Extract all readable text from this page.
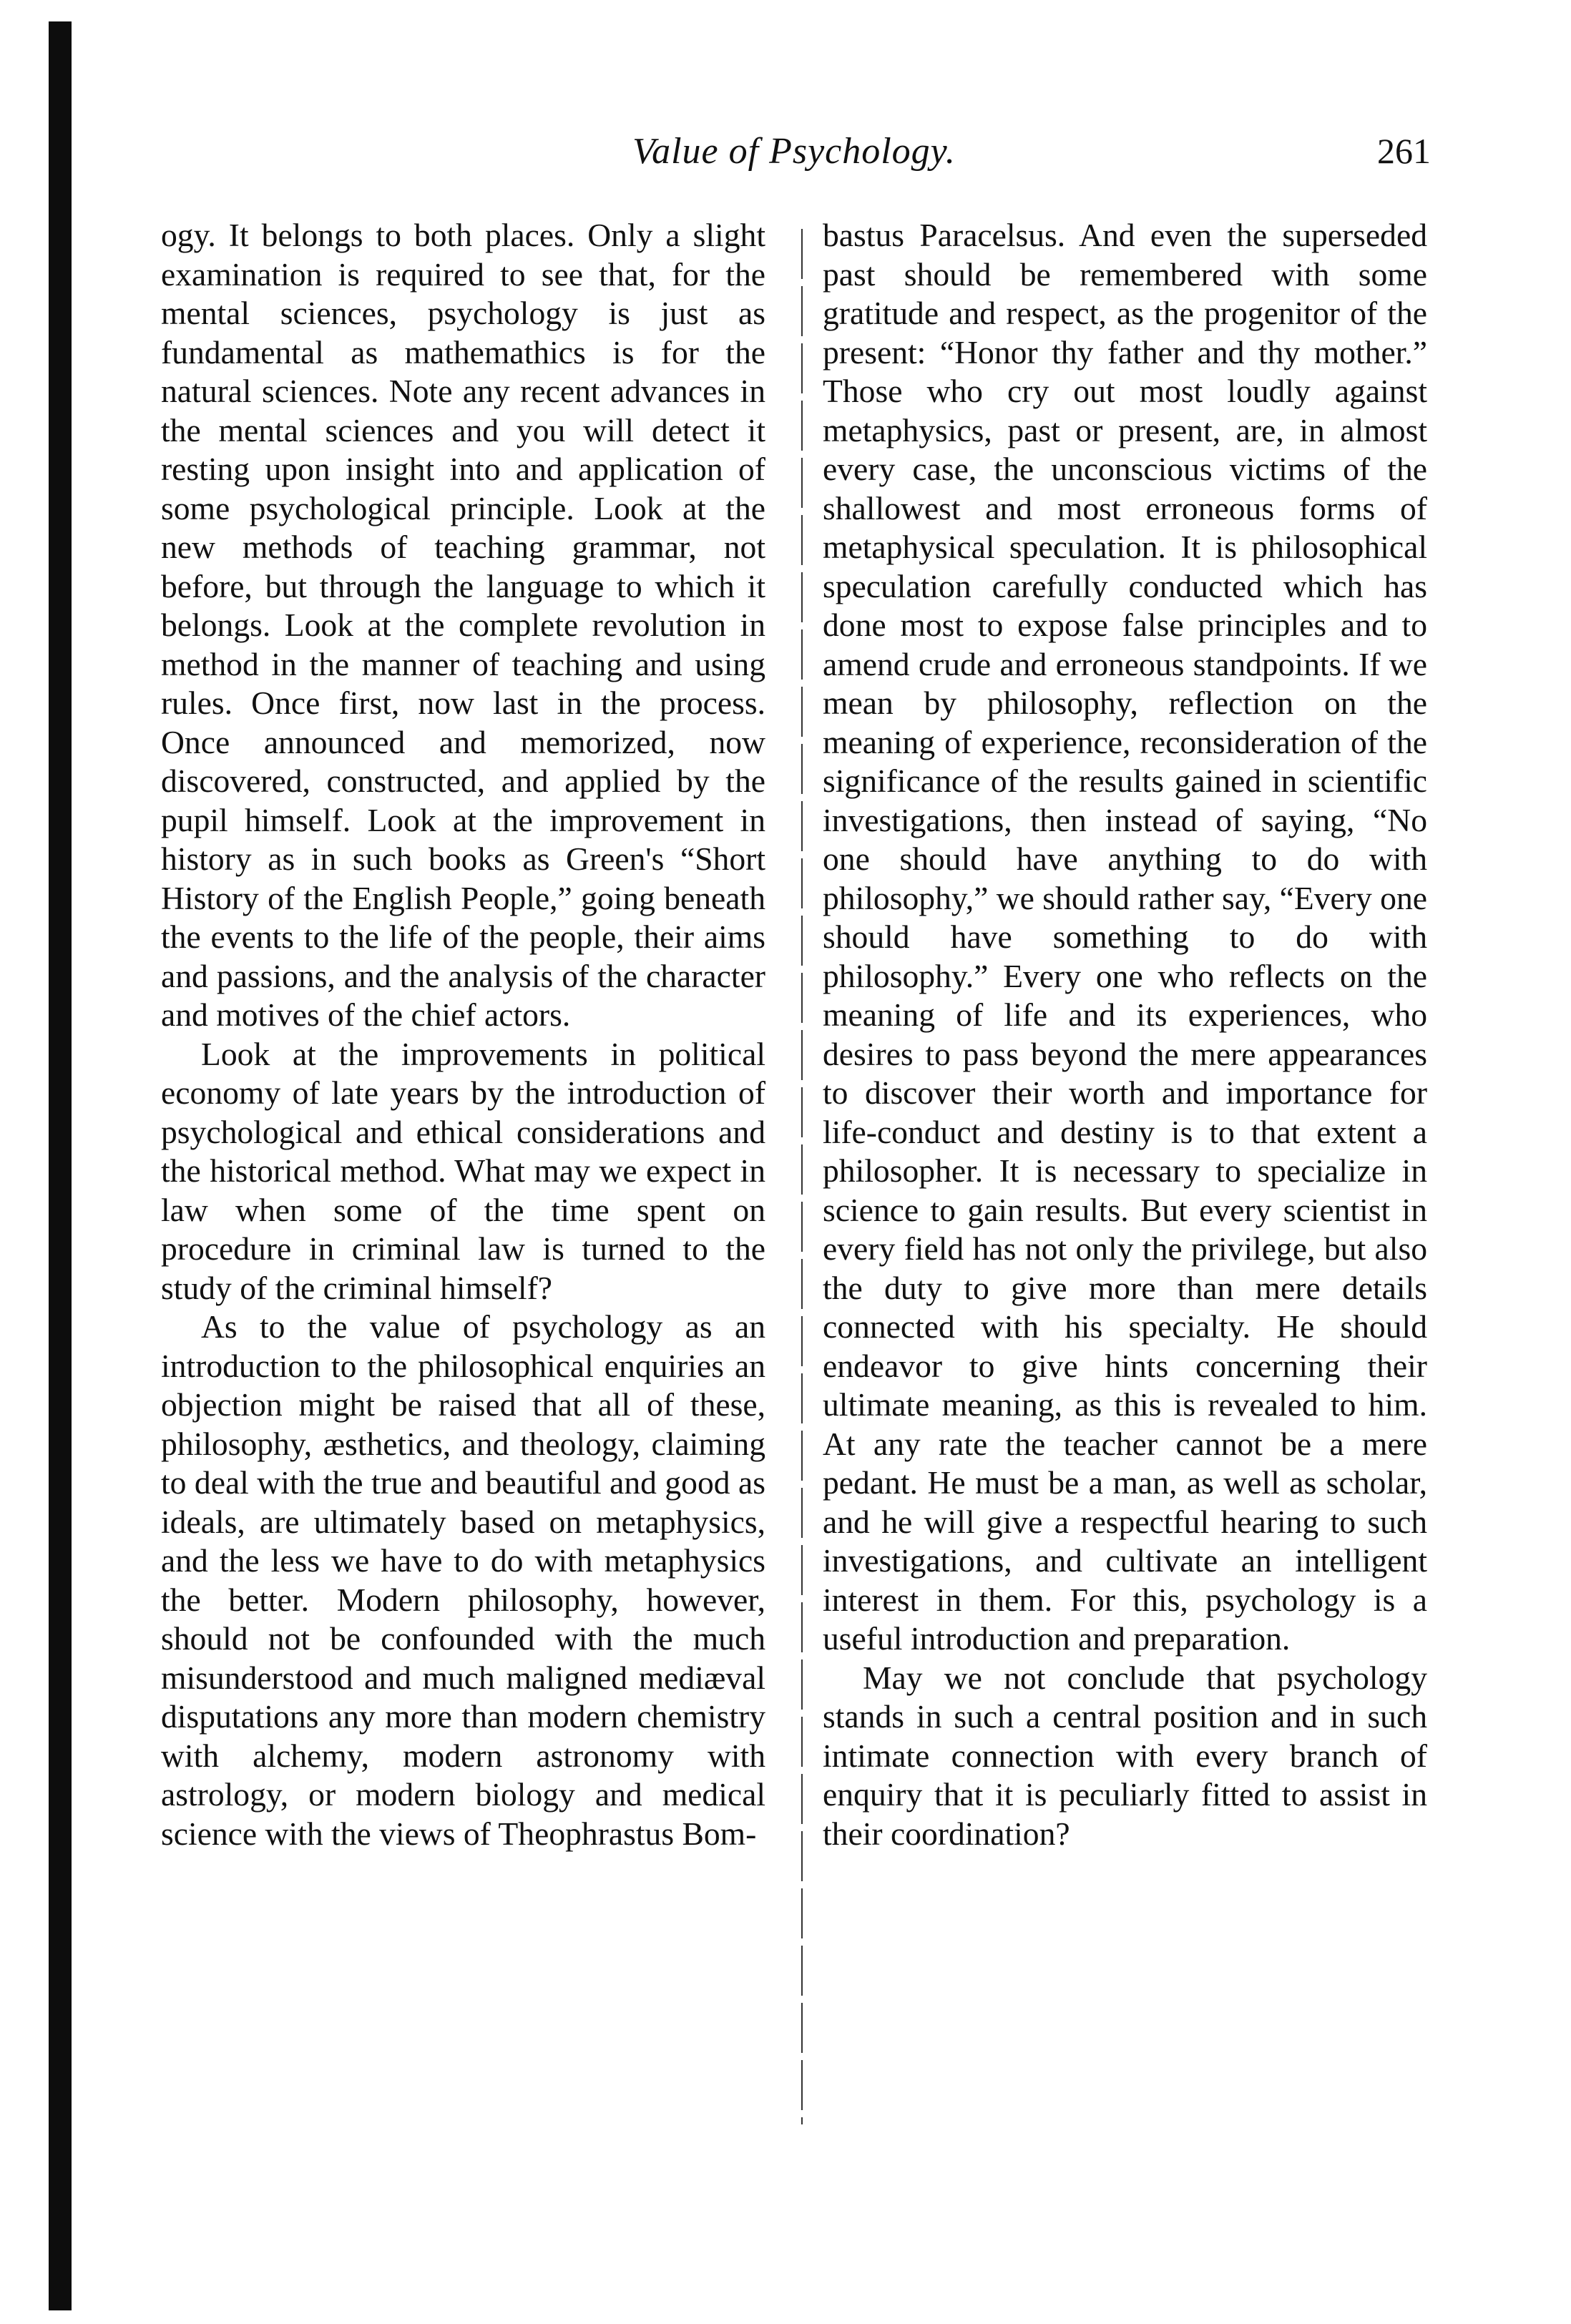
Value of Psychology.	261

ogy. It belongs to both places. Only a slight examination is required to see that, for the mental sciences, psychology is just as fundamental as mathemathics is for the natural sciences. Note any recent advances in the mental sciences and you will detect it resting upon insight into and application of some psychological principle. Look at the new methods of teaching grammar, not before, but through the language to which it belongs. Look at the complete revolution in method in the manner of teaching and using rules. Once first, now last in the process. Once announced and memorized, now discovered, constructed, and applied by the pupil himself. Look at the improvement in history as in such books as Green's “Short History of the English People,” going beneath the events to the life of the people, their aims and passions, and the analysis of the character and motives of the chief actors.

Look at the improvements in political economy of late years by the introduction of psychological and ethical considerations and the historical method. What may we expect in law when some of the time spent on procedure in criminal law is turned to the study of the criminal himself?

As to the value of psychology as an introduction to the philosophical enquiries an objection might be raised that all of these, philosophy, æsthetics, and theology, claiming to deal with the true and beautiful and good as ideals, are ultimately based on metaphysics, and the less we have to do with metaphysics the better. Modern philosophy, however, should not be confounded with the much misunderstood and much maligned mediæval disputations any more than modern chemistry with alchemy, modern astronomy with astrology, or modern biology and medical science with the views of Theophrastus Bom-

bastus Paracelsus. And even the superseded past should be remembered with some gratitude and respect, as the progenitor of the present: “Honor thy father and thy mother.” Those who cry out most loudly against metaphysics, past or present, are, in almost every case, the unconscious victims of the shallowest and most erroneous forms of metaphysical speculation. It is philosophical speculation carefully conducted which has done most to expose false principles and to amend crude and erroneous standpoints. If we mean by philosophy, reflection on the meaning of experience, reconsideration of the significance of the results gained in scientific investigations, then instead of saying, “No one should have anything to do with philosophy,” we should rather say, “Every one should have something to do with philosophy.” Every one who reflects on the meaning of life and its experiences, who desires to pass beyond the mere appearances to discover their worth and importance for life-conduct and destiny is to that extent a philosopher. It is necessary to specialize in science to gain results. But every scientist in every field has not only the privilege, but also the duty to give more than mere details connected with his specialty. He should endeavor to give hints concerning their ultimate meaning, as this is revealed to him. At any rate the teacher cannot be a mere pedant. He must be a man, as well as scholar, and he will give a respectful hearing to such investigations, and cultivate an intelligent interest in them. For this, psychology is a useful introduction and preparation.

May we not conclude that psychology stands in such a central position and in such intimate connection with every branch of enquiry that it is peculiarly fitted to assist in their coordination?
